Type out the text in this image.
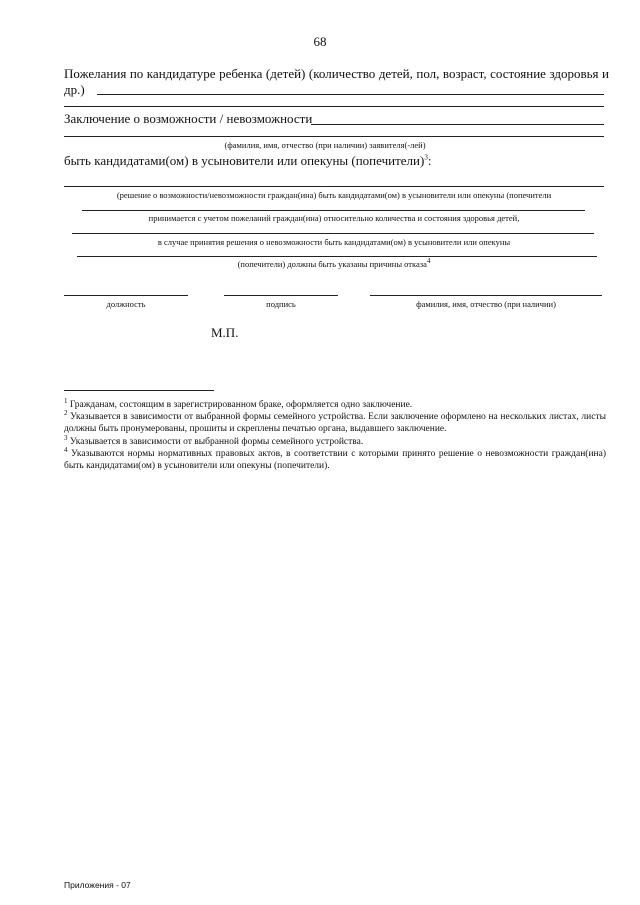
68
Пожелания по кандидатуре ребенка (детей) (количество детей, пол, возраст, состояние здоровья и
др.)
Заключение о возможности / невозможности
(фамилия, имя, отчество (при наличии) заявителя(-лей)
быть кандидатами(ом) в усыновители или опекуны (попечители)$^3$:
(решение о возможности/невозможности граждан(ина) быть кандидатами(ом) в усыновители или опекуны (попечители
принимается с учетом пожеланий граждан(ина) относительно количества и состояния здоровья детей,
в случае принятия решения о невозможности быть кандидатами(ом) в усыновители или опекуны
(попечители) должны быть указаны причины отказа$^4$
должность	подпись	фамилия, имя, отчество (при наличии)
М.П.
$^1$ Гражданам, состоящим в зарегистрированном браке, оформляется одно заключение.
$^2$ Указывается в зависимости от выбранной формы семейного устройства. Если заключение оформлено на нескольких листах, листы должны быть пронумерованы, прошиты и скреплены печатью органа, выдавшего заключение.
$^3$ Указывается в зависимости от выбранной формы семейного устройства.
$^4$ Указываются нормы нормативных правовых актов, в соответствии с которыми принято решение о невозможности граждан(ина) быть кандидатами(ом) в усыновители или опекуны (попечители).
Приложения - 07
